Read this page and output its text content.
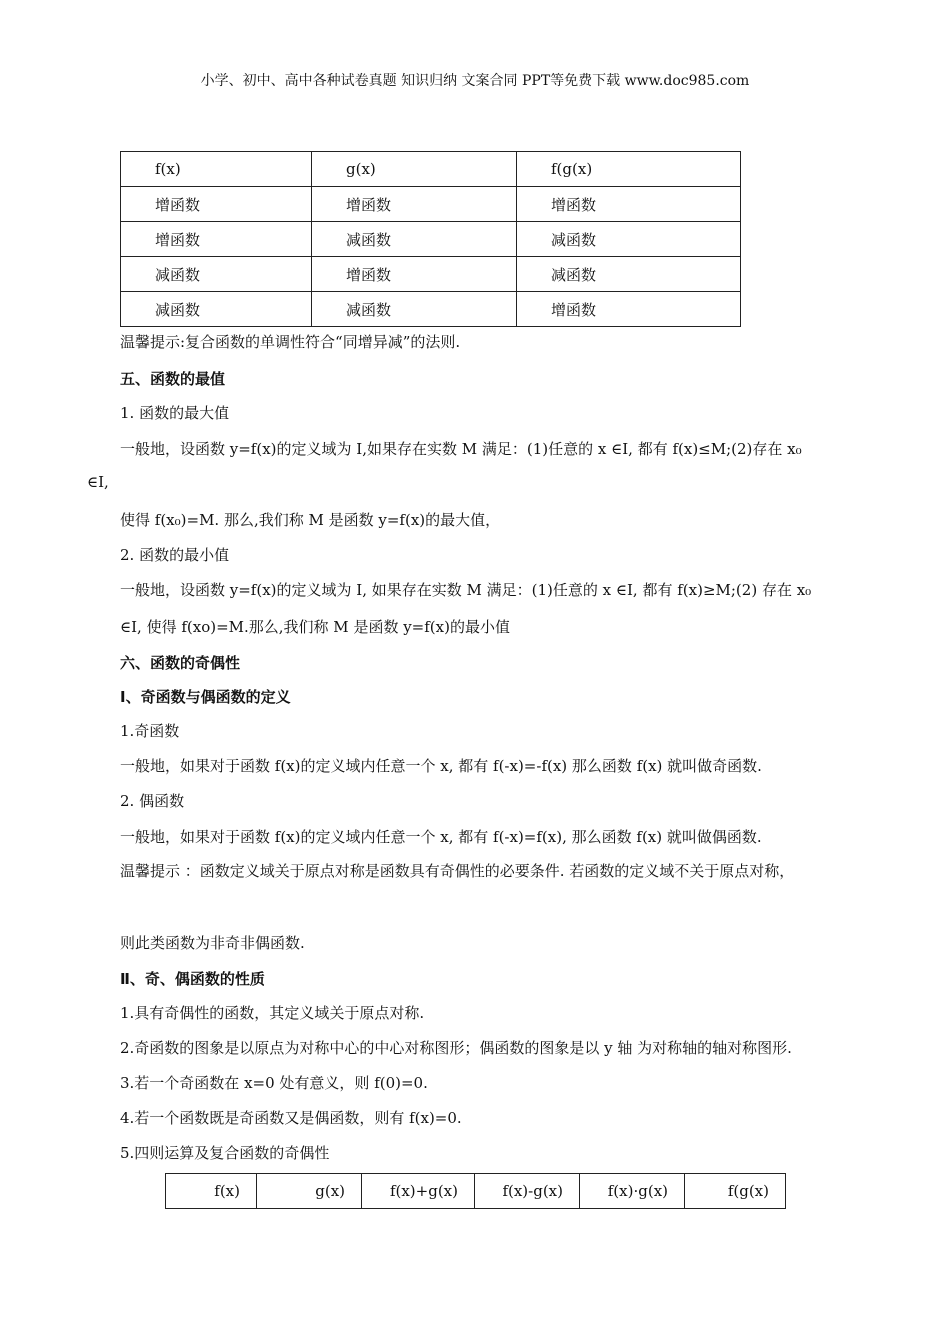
小学、初中、高中各种试卷真题 知识归纳 文案合同 PPT等免费下载 www.doc985.com
f(x)	g(x)	f(g(x)
增函数	增函数	增函数
增函数	减函数	减函数
减函数	增函数	减函数
减函数	减函数	增函数
温馨提示:复合函数的单调性符合“同增异减”的法则.
五、函数的最值
1. 函数的最大值
一般地，设函数 y=f(x)的定义域为 I,如果存在实数 M 满足：(1)任意的 x ∈I, 都有 f(x)≤M;(2)存在 x₀
∈I,
使得 f(x₀)=M. 那么,我们称 M 是函数 y=f(x)的最大值，
2. 函数的最小值
一般地，设函数 y=f(x)的定义域为 I, 如果存在实数 M 满足：(1)任意的 x ∈I, 都有 f(x)≥M;(2) 存在 x₀
∈I, 使得 f(xo)=M.那么,我们称 M 是函数 y=f(x)的最小值
六、函数的奇偶性
Ⅰ、奇函数与偶函数的定义
1.奇函数
一般地，如果对于函数 f(x)的定义域内任意一个 x, 都有 f(-x)=-f(x) 那么函数 f(x) 就叫做奇函数.
2. 偶函数
一般地，如果对于函数 f(x)的定义域内任意一个 x, 都有 f(-x)=f(x), 那么函数 f(x) 就叫做偶函数.
温馨提示 ：函数定义域关于原点对称是函数具有奇偶性的必要条件. 若函数的定义域不关于原点对称，
则此类函数为非奇非偶函数.
Ⅱ、奇、偶函数的性质
1.具有奇偶性的函数，其定义域关于原点对称.
2.奇函数的图象是以原点为对称中心的中心对称图形；偶函数的图象是以 y 轴 为对称轴的轴对称图形.
3.若一个奇函数在 x=0 处有意义，则 f(0)=0.
4.若一个函数既是奇函数又是偶函数，则有 f(x)=0.
5.四则运算及复合函数的奇偶性
f(x)	g(x)	f(x)+g(x)	f(x)-g(x)	f(x)·g(x)	f(g(x)
